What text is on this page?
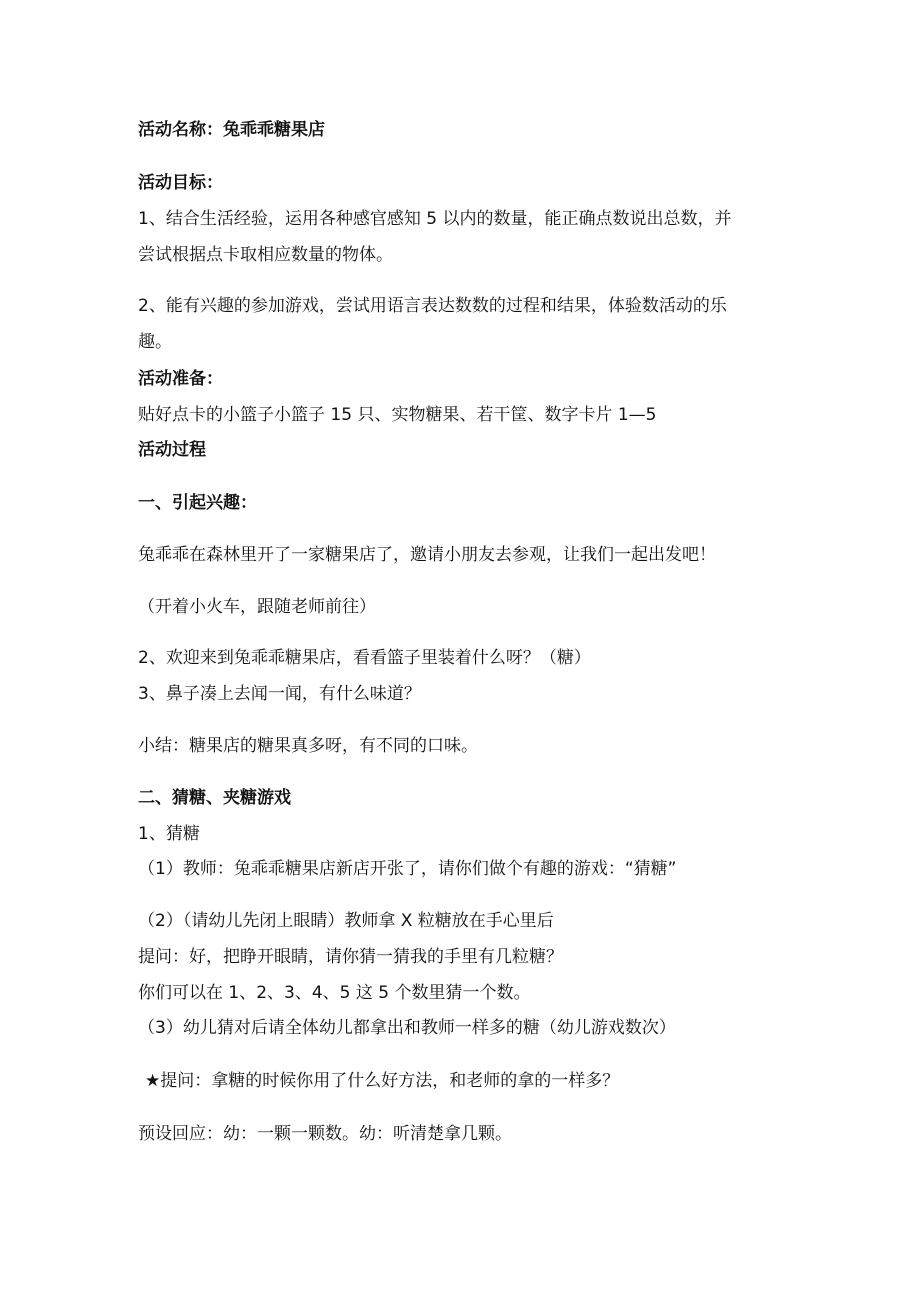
活动名称：兔乖乖糖果店
活动目标：
1、结合生活经验，运用各种感官感知 5 以内的数量，能正确点数说出总数，并
尝试根据点卡取相应数量的物体。
2、能有兴趣的参加游戏，尝试用语言表达数数的过程和结果，体验数活动的乐
趣。
活动准备：
贴好点卡的小篮子小篮子 15 只、实物糖果、若干筐、数字卡片 1—5
活动过程
一、引起兴趣：
兔乖乖在森林里开了一家糖果店了，邀请小朋友去参观，让我们一起出发吧！
（开着小火车，跟随老师前往）
2、欢迎来到兔乖乖糖果店，看看篮子里装着什么呀？（糖）
3、鼻子凑上去闻一闻，有什么味道？
小结：糖果店的糖果真多呀，有不同的口味。
二、猜糖、夹糖游戏
1、猜糖
（1）教师：兔乖乖糖果店新店开张了，请你们做个有趣的游戏：“猜糖”
（2）（请幼儿先闭上眼睛）教师拿 X 粒糖放在手心里后
提问：好，把睁开眼睛，请你猜一猜我的手里有几粒糖？
你们可以在 1、2、3、4、5 这 5 个数里猜一个数。
（3）幼儿猜对后请全体幼儿都拿出和教师一样多的糖（幼儿游戏数次）
★提问：拿糖的时候你用了什么好方法，和老师的拿的一样多？
预设回应：幼：一颗一颗数。幼：听清楚拿几颗。
